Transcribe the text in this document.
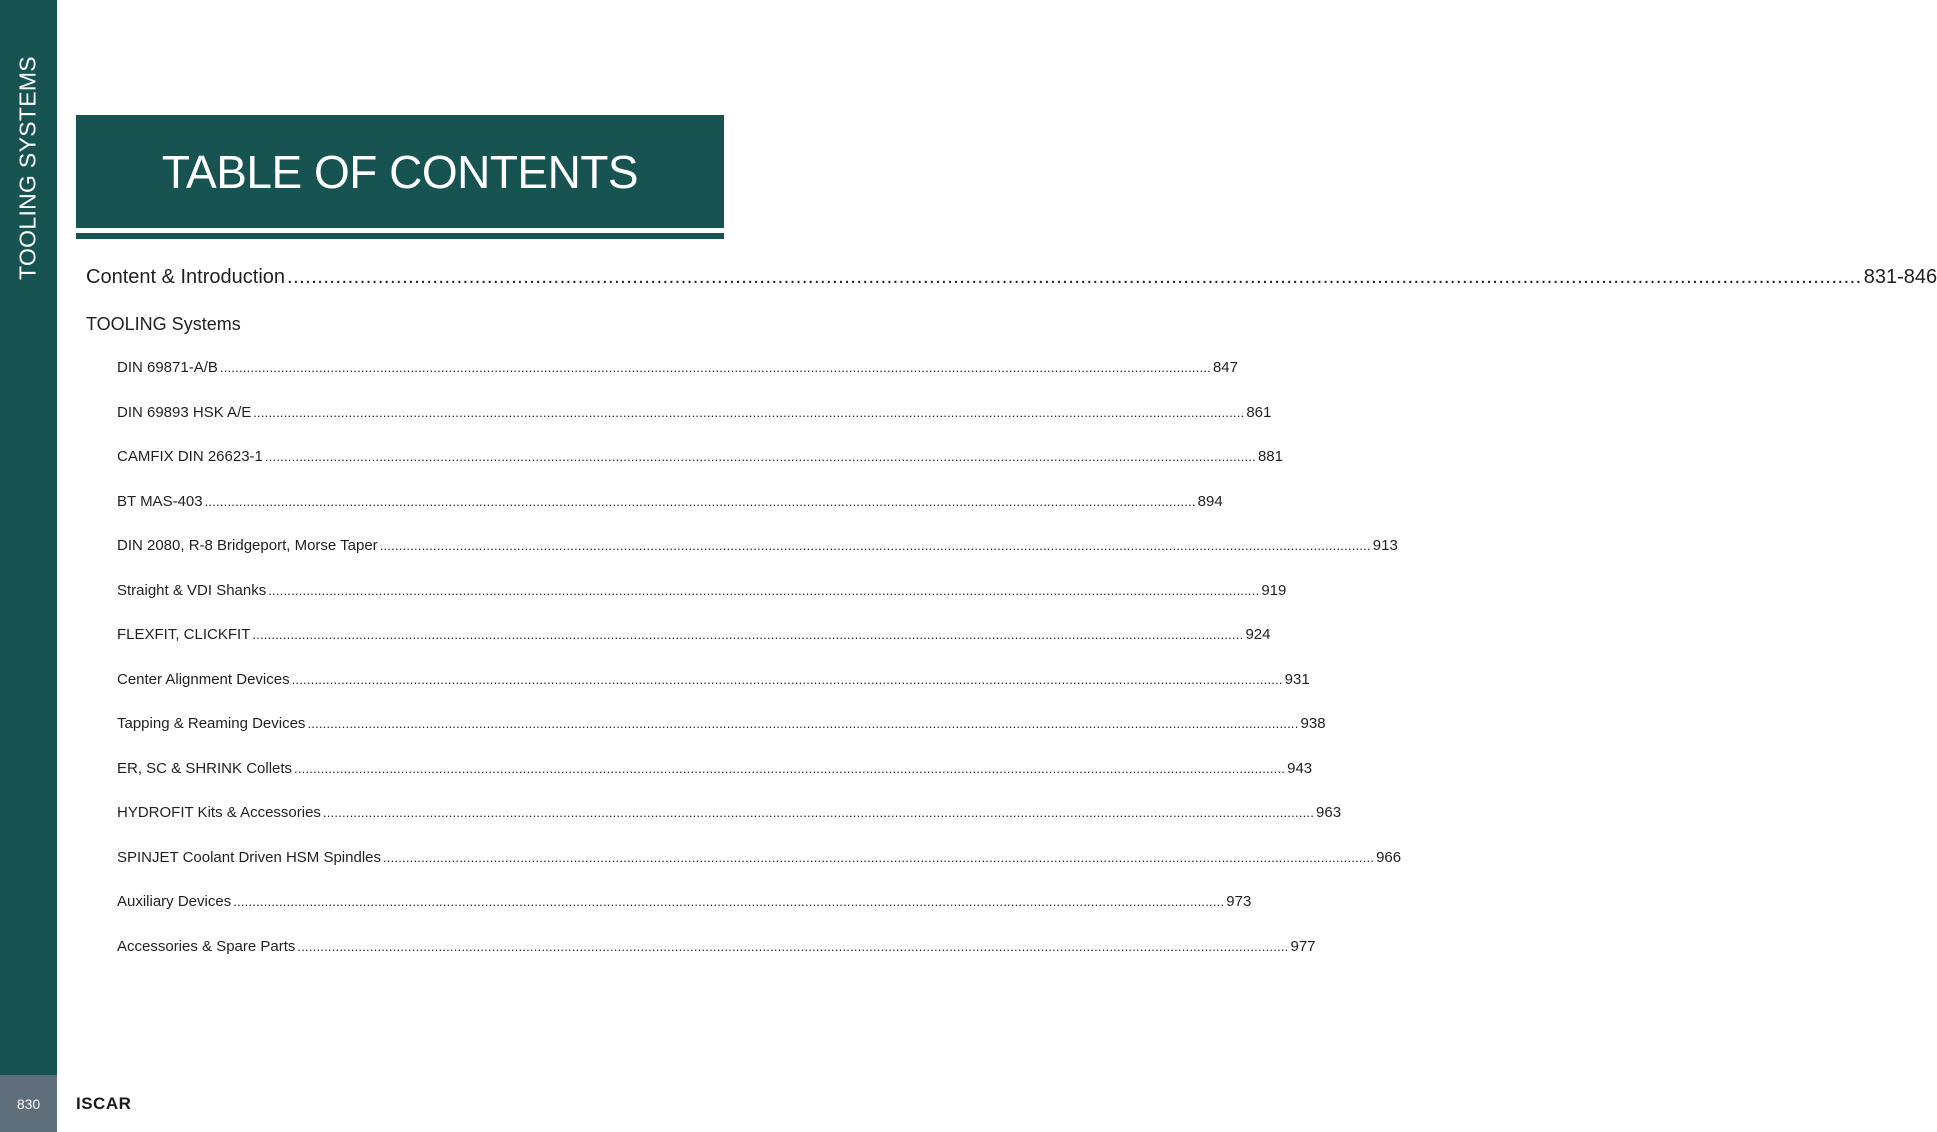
TOOLING SYSTEMS
830 ISCAR
TABLE OF CONTENTS
Content & Introduction .................................................................................................................................................................................................................................................................... 831-846
TOOLING Systems
DIN 69871-A/B .................................................................................................................................................................................................................................................................... 847
DIN 69893 HSK A/E .................................................................................................................................................................................................................................................................... 861
CAMFIX DIN 26623-1 .................................................................................................................................................................................................................................................................... 881
BT MAS-403 .................................................................................................................................................................................................................................................................... 894
DIN 2080, R-8 Bridgeport, Morse Taper .................................................................................................................................................................................................................................................................... 913
Straight & VDI Shanks .................................................................................................................................................................................................................................................................... 919
FLEXFIT, CLICKFIT .................................................................................................................................................................................................................................................................... 924
Center Alignment Devices .................................................................................................................................................................................................................................................................... 931
Tapping & Reaming Devices .................................................................................................................................................................................................................................................................... 938
ER, SC & SHRINK Collets .................................................................................................................................................................................................................................................................... 943
HYDROFIT Kits & Accessories .................................................................................................................................................................................................................................................................... 963
SPINJET Coolant Driven HSM Spindles .................................................................................................................................................................................................................................................................... 966
Auxiliary Devices .................................................................................................................................................................................................................................................................... 973
Accessories & Spare Parts .................................................................................................................................................................................................................................................................... 977
